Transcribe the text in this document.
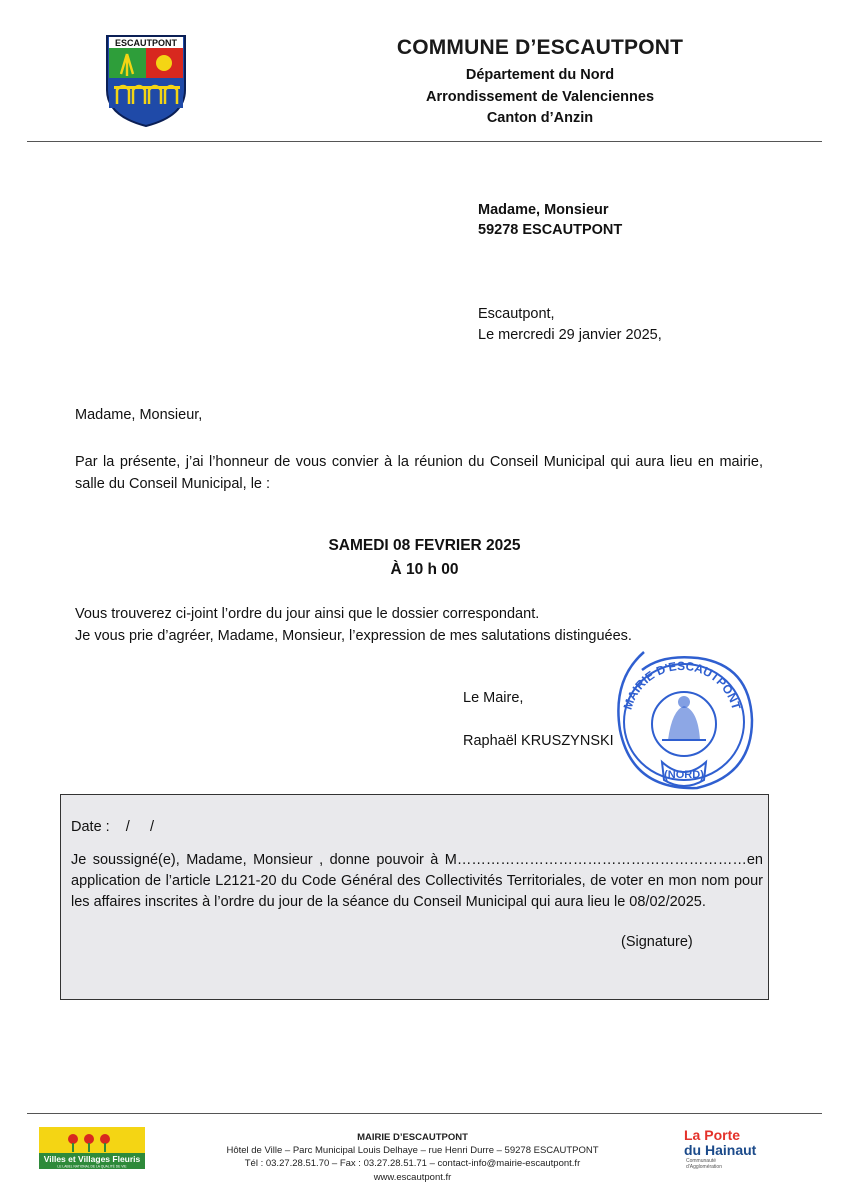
ESCAUTPONT	COMMUNE D’ESCAUTPONT
Département du Nord
Arrondissement de Valenciennes
Canton d’Anzin
Madame, Monsieur
59278 ESCAUTPONT
Escautpont,
Le mercredi 29 janvier 2025,
Madame, Monsieur,
Par la présente, j’ai l’honneur de vous convier à la réunion du Conseil Municipal qui aura lieu en mairie, salle du Conseil Municipal, le :
SAMEDI 08 FEVRIER 2025
À 10 h 00
Vous trouverez ci-joint l’ordre du jour ainsi que le dossier correspondant.
Je vous prie d’agréer, Madame, Monsieur, l’expression de mes salutations distinguées.
Le Maire,
Raphaël KRUSZYNSKI
MAIRIE D'ESCAUTPONT
(NORD)
Date :    /     /
Je soussigné(e), Madame, Monsieur , donne pouvoir à M……………………………………………………en application de l’article L2121-20 du Code Général des Collectivités Territoriales, de voter en mon nom pour les affaires inscrites à l’ordre du jour de la séance du Conseil Municipal qui aura lieu le 08/02/2025.
(Signature)
Villes et Villages Fleuris
LE LABEL NATIONAL DE LA QUALITÉ DE VIE
MAIRIE D’ESCAUTPONT
Hôtel de Ville – Parc Municipal Louis Delhaye – rue Henri Durre – 59278 ESCAUTPONT
Tél : 03.27.28.51.70 – Fax : 03.27.28.51.71 – contact-info@mairie-escautpont.fr
www.escautpont.fr
La Porte
du Hainaut
Communauté
d'Agglomération
